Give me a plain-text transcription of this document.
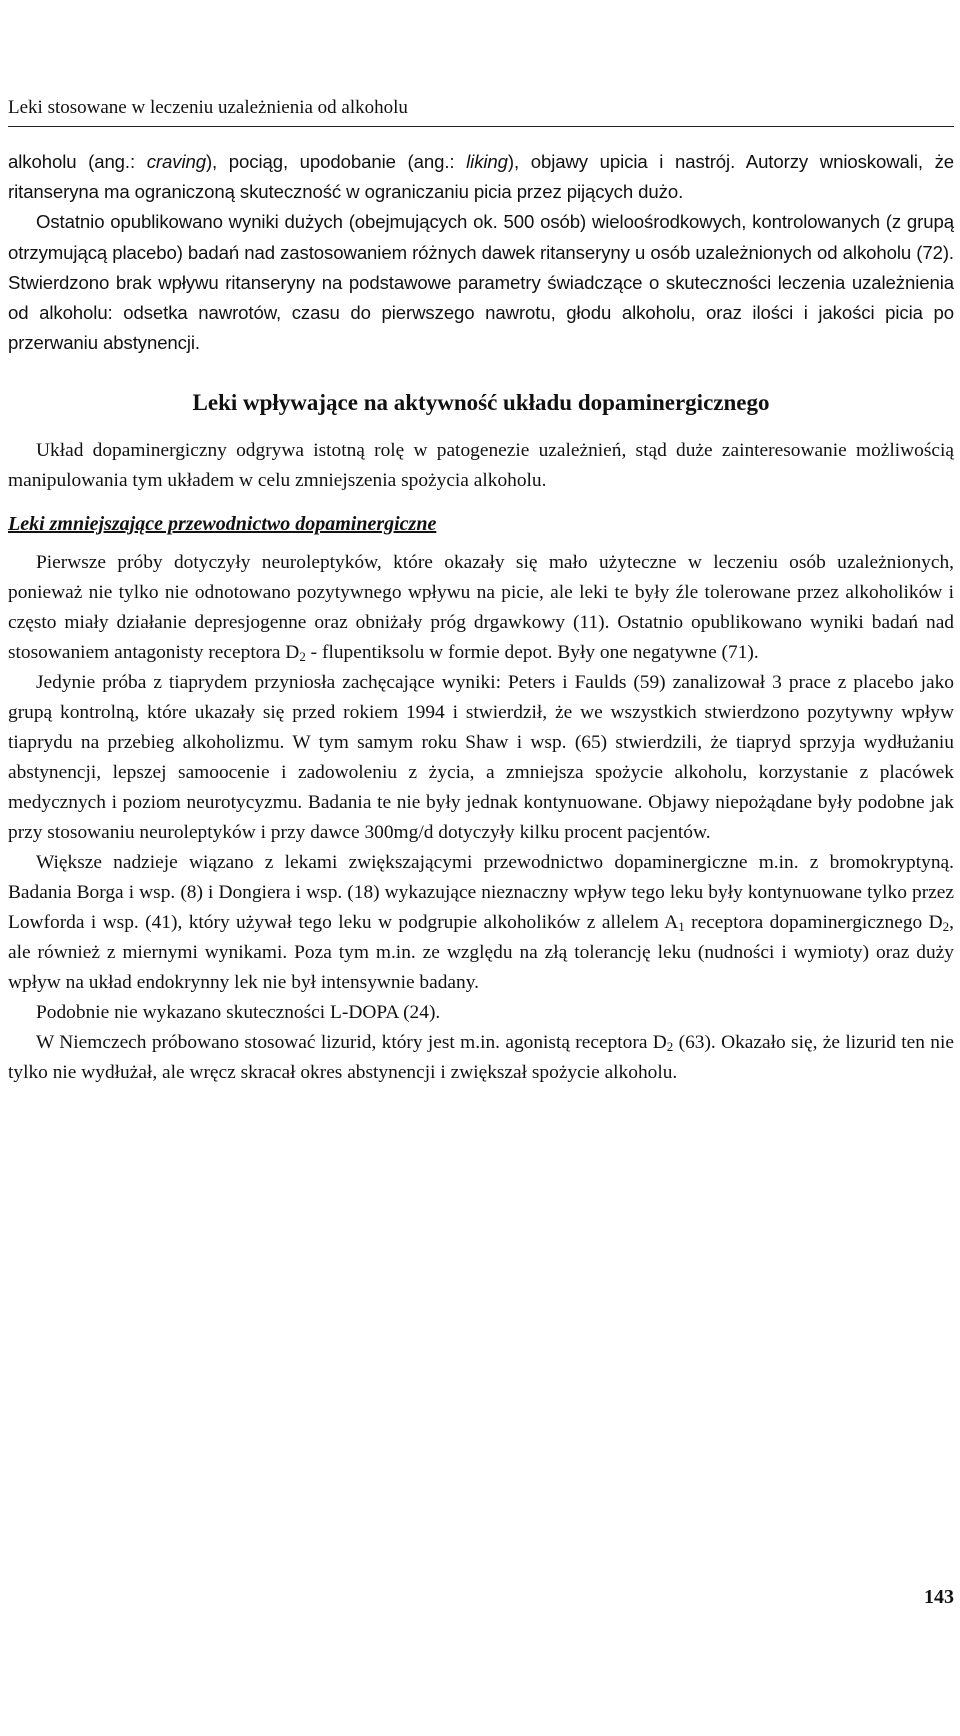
Leki stosowane w leczeniu uzależnienia od alkoholu

alkoholu (ang.: craving), pociąg, upodobanie (ang.: liking), objawy upicia i nastrój. Autorzy wnioskowali, że ritanseryna ma ograniczoną skuteczność w ograniczaniu picia przez pijących dużo.

Ostatnio opublikowano wyniki dużych (obejmujących ok. 500 osób) wieloośrodkowych, kontrolowanych (z grupą otrzymującą placebo) badań nad zastosowaniem różnych dawek ritanseryny u osób uzależnionych od alkoholu (72). Stwierdzono brak wpływu ritanseryny na podstawowe parametry świadczące o skuteczności leczenia uzależnienia od alkoholu: odsetka nawrotów, czasu do pierwszego nawrotu, głodu alkoholu, oraz ilości i jakości picia po przerwaniu abstynencji.

Leki wpływające na aktywność układu dopaminergicznego

Układ dopaminergiczny odgrywa istotną rolę w patogenezie uzależnień, stąd duże zainteresowanie możliwością manipulowania tym układem w celu zmniejszenia spożycia alkoholu.

Leki zmniejszające przewodnictwo dopaminergiczne

Pierwsze próby dotyczyły neuroleptyków, które okazały się mało użyteczne w leczeniu osób uzależnionych, ponieważ nie tylko nie odnotowano pozytywnego wpływu na picie, ale leki te były źle tolerowane przez alkoholików i często miały działanie depresjogenne oraz obniżały próg drgawkowy (11). Ostatnio opublikowano wyniki badań nad stosowaniem antagonisty receptora $D_2$ - flupentiksolu w formie depot. Były one negatywne (71).

Jedynie próba z tiaprydem przyniosła zachęcające wyniki: Peters i Faulds (59) zanalizował 3 prace z placebo jako grupą kontrolną, które ukazały się przed rokiem 1994 i stwierdził, że we wszystkich stwierdzono pozytywny wpływ tiaprydu na przebieg alkoholizmu. W tym samym roku Shaw i wsp. (65) stwierdzili, że tiapryd sprzyja wydłużaniu abstynencji, lepszej samoocenie i zadowoleniu z życia, a zmniejsza spożycie alkoholu, korzystanie z placówek medycznych i poziom neurotycyzmu. Badania te nie były jednak kontynuowane. Objawy niepożądane były podobne jak przy stosowaniu neuroleptyków i przy dawce 300mg/d dotyczyły kilku procent pacjentów.

Większe nadzieje wiązano z lekami zwiększającymi przewodnictwo dopaminergiczne m.in. z bromokryptyną. Badania Borga i wsp. (8) i Dongiera i wsp. (18) wykazujące nieznaczny wpływ tego leku były kontynuowane tylko przez Lowforda i wsp. (41), który używał tego leku w podgrupie alkoholików z allelem $A_1$ receptora dopaminergicznego $D_2$, ale również z miernymi wynikami. Poza tym m.in. ze względu na złą tolerancję leku (nudności i wymioty) oraz duży wpływ na układ endokrynny lek nie był intensywnie badany.

Podobnie nie wykazano skuteczności L-DOPA (24).

W Niemczech próbowano stosować lizurid, który jest m.in. agonistą receptora $D_2$ (63). Okazało się, że lizurid ten nie tylko nie wydłużał, ale wręcz skracał okres abstynencji i zwiększał spożycie alkoholu.

143
